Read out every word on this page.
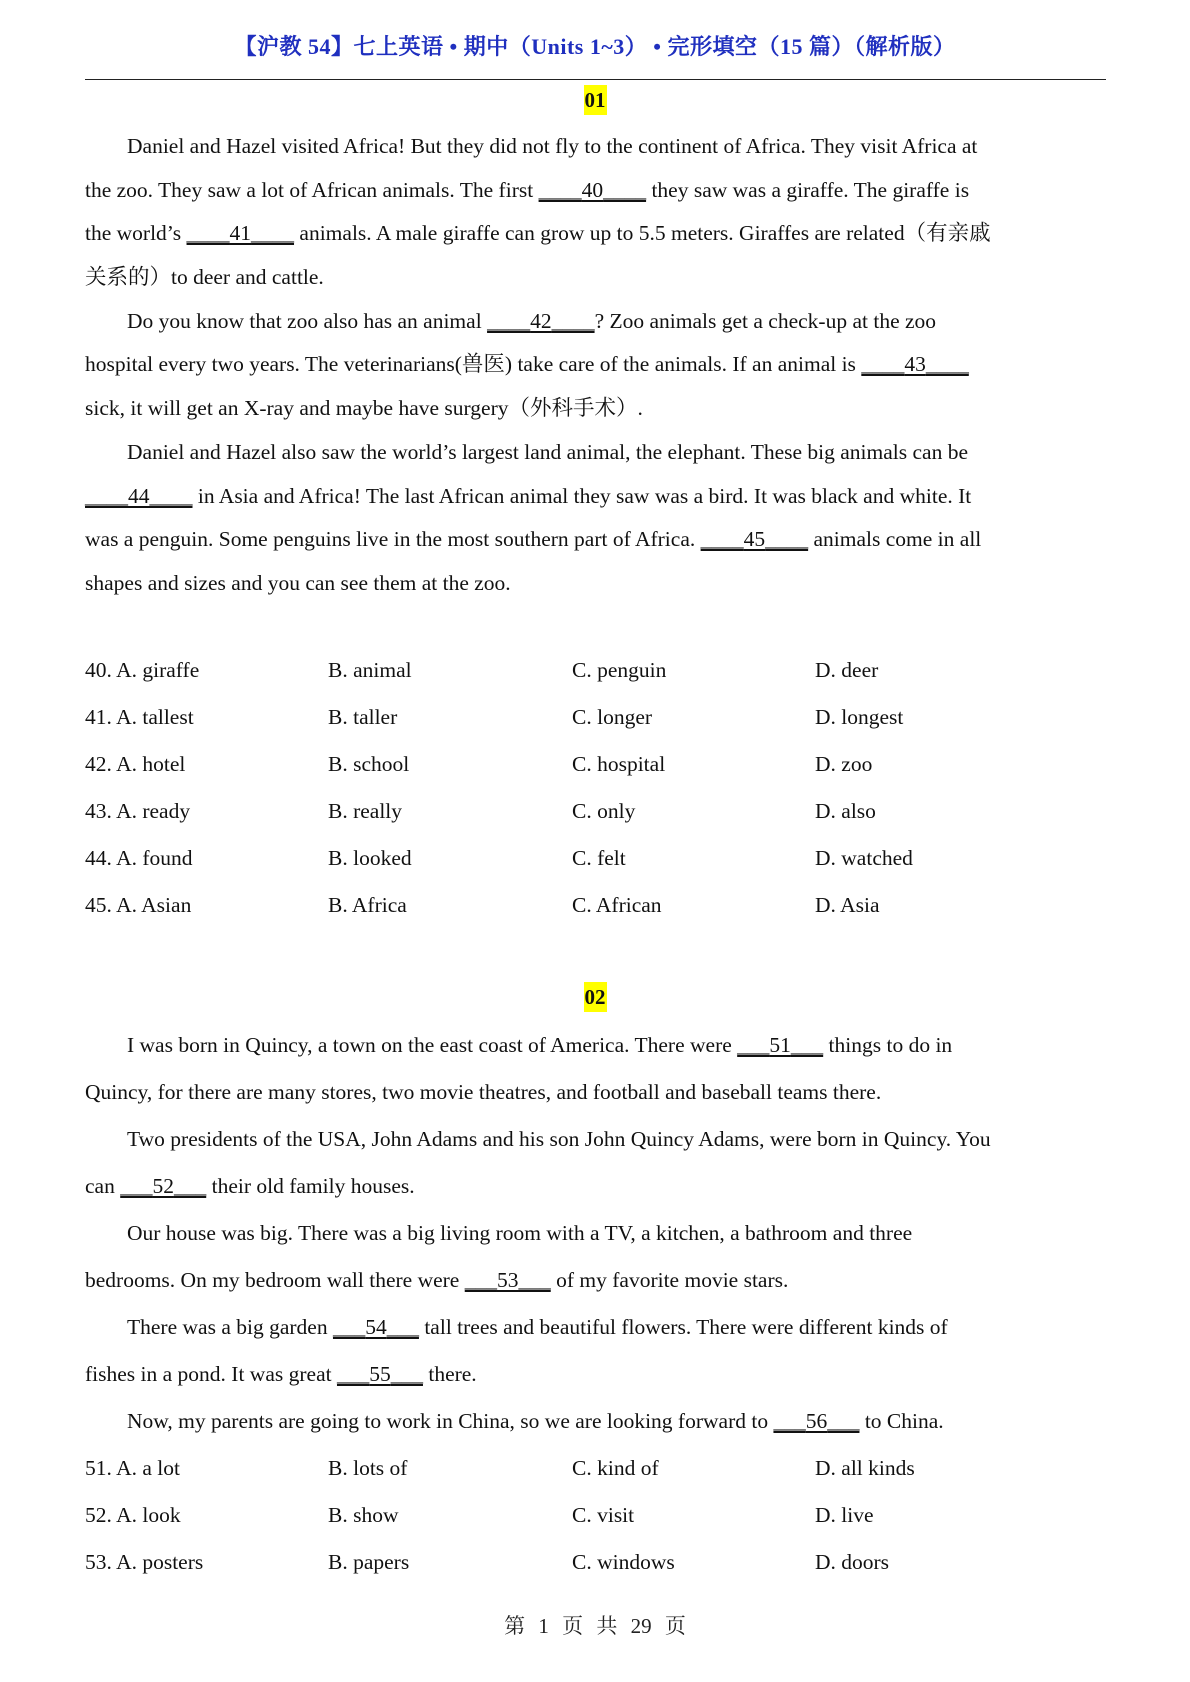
【沪教 54】七上英语 • 期中（Units 1~3） • 完形填空（15 篇）（解析版）
01
Daniel and Hazel visited Africa! But they did not fly to the continent of Africa. They visit Africa at
the zoo. They saw a lot of African animals. The first ____40____ they saw was a giraffe. The giraffe is
the world’s ____41____ animals. A male giraffe can grow up to 5.5 meters. Giraffes are related（有亲戚
关系的）to deer and cattle.
Do you know that zoo also has an animal ____42____? Zoo animals get a check-up at the zoo
hospital every two years. The veterinarians(兽医) take care of the animals. If an animal is ____43____
sick, it will get an X-ray and maybe have surgery（外科手术）.
Daniel and Hazel also saw the world’s largest land animal, the elephant. These big animals can be
____44____ in Asia and Africa! The last African animal they saw was a bird. It was black and white. It
was a penguin. Some penguins live in the most southern part of Africa. ____45____ animals come in all
shapes and sizes and you can see them at the zoo.
02
I was born in Quincy, a town on the east coast of America. There were ___51___ things to do in
Quincy, for there are many stores, two movie theatres, and football and baseball teams there.
Two presidents of the USA, John Adams and his son John Quincy Adams, were born in Quincy. You
can ___52___ their old family houses.
Our house was big. There was a big living room with a TV, a kitchen, a bathroom and three
bedrooms. On my bedroom wall there were ___53___ of my favorite movie stars.
There was a big garden ___54___ tall trees and beautiful flowers. There were different kinds of
fishes in a pond. It was great ___55___ there.
Now, my parents are going to work in China, so we are looking forward to ___56___ to China.
第 1 页 共 29 页
40. A. giraffe	B. animal	C. penguin	D. deer
41. A. tallest	B. taller	C. longer	D. longest
42. A. hotel	B. school	C. hospital	D. zoo
43. A. ready	B. really	C. only	D. also
44. A. found	B. looked	C. felt	D. watched
45. A. Asian	B. Africa	C. African	D. Asia
51. A. a lot	B. lots of	C. kind of	D. all kinds
52. A. look	B. show	C. visit	D. live
53. A. posters	B. papers	C. windows	D. doors
